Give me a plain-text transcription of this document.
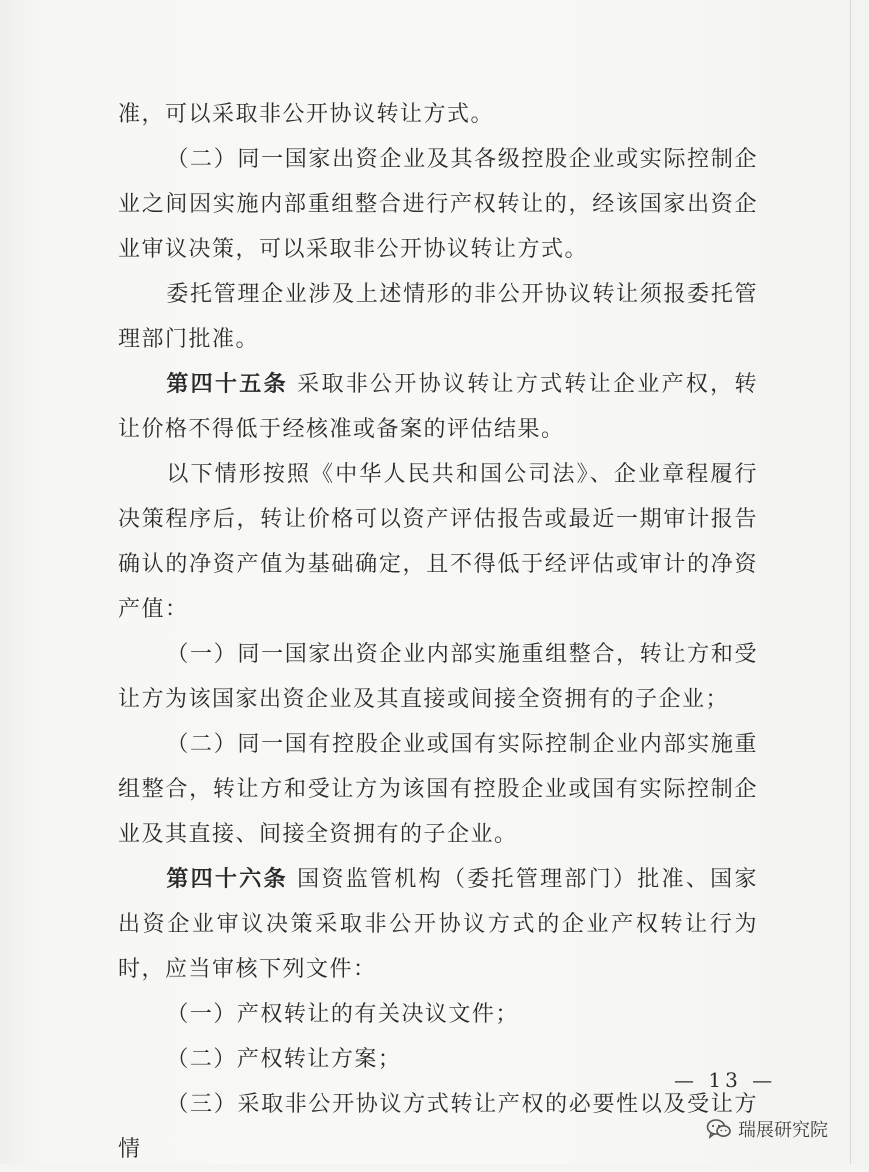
准，可以采取非公开协议转让方式。

（二）同一国家出资企业及其各级控股企业或实际控制企业之间因实施内部重组整合进行产权转让的，经该国家出资企业审议决策，可以采取非公开协议转让方式。

委托管理企业涉及上述情形的非公开协议转让须报委托管理部门批准。

第四十五条 采取非公开协议转让方式转让企业产权，转让价格不得低于经核准或备案的评估结果。

以下情形按照《中华人民共和国公司法》、企业章程履行决策程序后，转让价格可以资产评估报告或最近一期审计报告确认的净资产值为基础确定，且不得低于经评估或审计的净资产值：

（一）同一国家出资企业内部实施重组整合，转让方和受让方为该国家出资企业及其直接或间接全资拥有的子企业；

（二）同一国有控股企业或国有实际控制企业内部实施重组整合，转让方和受让方为该国有控股企业或国有实际控制企业及其直接、间接全资拥有的子企业。

第四十六条 国资监管机构（委托管理部门）批准、国家出资企业审议决策采取非公开协议方式的企业产权转让行为时，应当审核下列文件：

（一）产权转让的有关决议文件；

（二）产权转让方案；

（三）采取非公开协议方式转让产权的必要性以及受让方情

— 13 —
瑞展研究院
